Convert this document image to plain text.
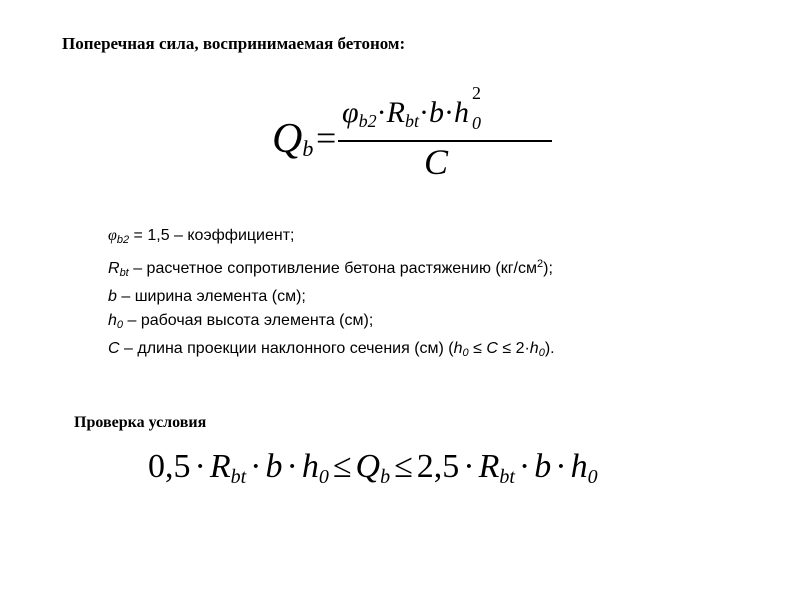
Поперечная сила, воспринимаемая бетоном:
$Q_b$ =
$\varphi_{b2}\cdot R_{bt}\cdot b\cdot h$
2
0
C
$\varphi_{b2} = 1,5$ – коэффициент;
$R_{bt}$ – расчетное сопротивление бетона растяжению $(кг/см^2)$;
b – ширина элемента (см);
$h_0$ – рабочая высота элемента (см);
C – длина проекции наклонного сечения (см) $(h_0 \le C \le 2\cdot h_0)$.
Проверка условия
$0,5 \cdot R_{bt} \cdot b \cdot h_0 \le Q_b \le 2,5 \cdot R_{bt} \cdot b \cdot h_0$
